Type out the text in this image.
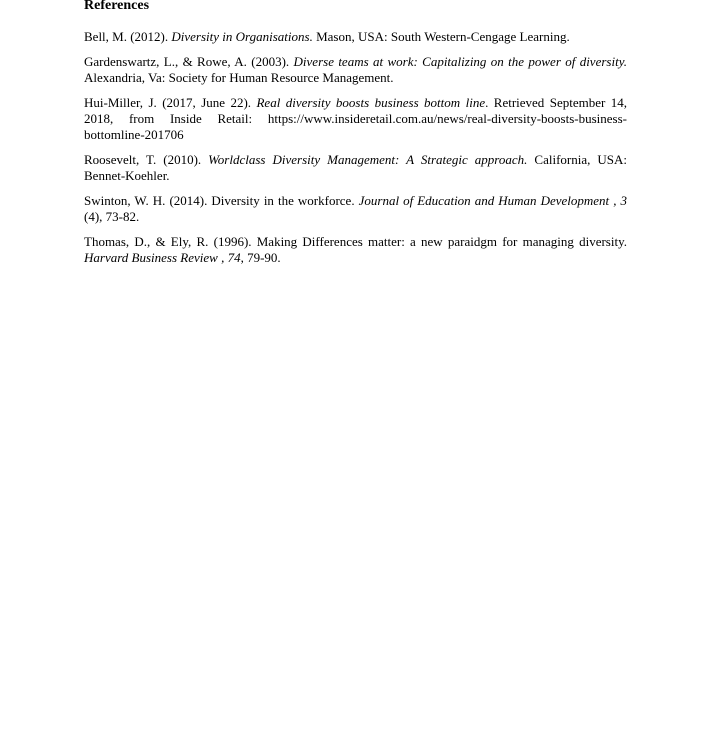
References

Bell, M. (2012). Diversity in Organisations. Mason, USA: South Western-Cengage Learning.

Gardenswartz, L., & Rowe, A. (2003). Diverse teams at work: Capitalizing on the power of diversity. Alexandria, Va: Society for Human Resource Management.

Hui-Miller, J. (2017, June 22). Real diversity boosts business bottom line. Retrieved September 14, 2018, from Inside Retail: https://www.insideretail.com.au/news/real-diversity-boosts-business-bottomline-201706

Roosevelt, T. (2010). Worldclass Diversity Management: A Strategic approach. California, USA: Bennet-Koehler.

Swinton, W. H. (2014). Diversity in the workforce. Journal of Education and Human Development , 3 (4), 73-82.

Thomas, D., & Ely, R. (1996). Making Differences matter: a new paraidgm for managing diversity. Harvard Business Review , 74, 79-90.
